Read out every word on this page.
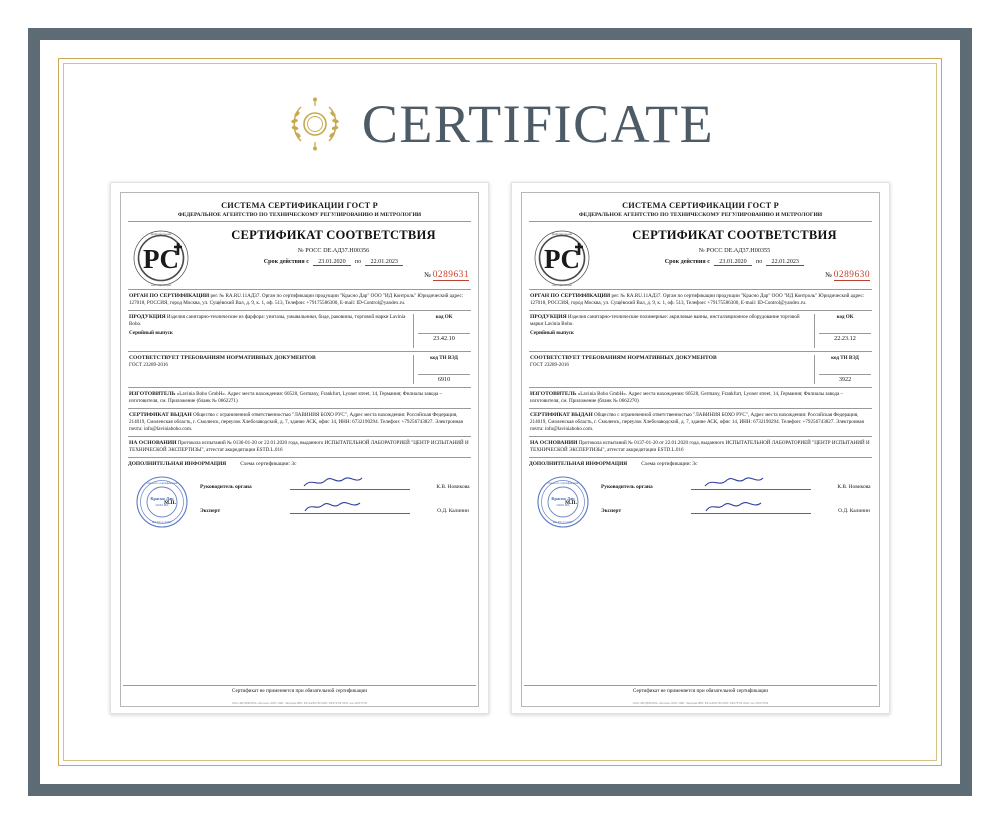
CERTIFICATE
СИСТЕМА СЕРТИФИКАЦИИ ГОСТ Р
ФЕДЕРАЛЬНОЕ АГЕНТСТВО ПО ТЕХНИЧЕСКОМУ РЕГУЛИРОВАНИЮ И МЕТРОЛОГИИ
PC
Добровольная
сертификация
СЕРТИФИКАТ СООТВЕТСТВИЯ
№ РОСС DE.АД37.Н00356
Срок действия с	23.01.2020	по	22.01.2023
№ 0289631
ОРГАН ПО СЕРТИФИКАЦИИ рег. № RA.RU.11АД37. Орган по сертификации продукции "Красно Дар" ООО "ИД Контроль" Юридический адрес: 127018, РОССИЯ, город Москва, ул. Сущёвский Вал, д. 9, к. 1, оф. 513, Телефон: +79175586300, E-mail: ID-Control@yandex.ru.
ПРОДУКЦИЯ Изделия санитарно-технические из фарфора: унитазы, умывальники, биде, раковины, торговой марки Lavinia Boho.
Серийный выпуск
код ОК
23.42.10
СООТВЕТСТВУЕТ ТРЕБОВАНИЯМ НОРМАТИВНЫХ ДОКУМЕНТОВ
ГОСТ 23289-2016
код ТН ВЭД
6910
ИЗГОТОВИТЕЛЬ «Lavinia Boho GmbH». Адрес места нахождения: 60528, Germany, Frankfurt, Lyoner street, 14, Германия; Филиалы завода – изготовителя, см. Приложение (бланк № 0662271)
СЕРТИФИКАТ ВЫДАН Общество с ограниченной ответственностью "ЛАВИНИЯ БОХО РУС", Адрес места нахождения: Российская Федерация, 214019, Смоленская область, г. Смоленск, переулок Хлебозаводский, д. 7, здание АСК, офис 14, ИНН: 6732190294. Телефон: +79256743827. Электронная почта: info@laviniaboho.com.
НА ОСНОВАНИИ Протокола испытаний № 0136-01-20 от 22.01.2020 года, выданного ИСПЫТАТЕЛЬНОЙ ЛАБОРАТОРИЕЙ "ЦЕНТР ИСПЫТАНИЙ И ТЕХНИЧЕСКОЙ ЭКСПЕРТИЗЫ", аттестат аккредитации ESTD.L.016
ДОПОЛНИТЕЛЬНАЯ ИНФОРМАЦИЯ	Схема сертификации: 3с
Красно Дар
ООО ИД
Орган по сертификации
RA.RU.11АД37
Руководитель органа	К.В. Новикова
Эксперт	О.Д. Калинин
М.П.
Сертификат не применяется при обязательной сертификации
ООО «МЕДЕФОРМ» «Москва» ОКП: ОКП: Лицензия ФНС РФ №0002799 ОКП: 000279799 ОКП: зак. 000279799
СИСТЕМА СЕРТИФИКАЦИИ ГОСТ Р
ФЕДЕРАЛЬНОЕ АГЕНТСТВО ПО ТЕХНИЧЕСКОМУ РЕГУЛИРОВАНИЮ И МЕТРОЛОГИИ
PC
Добровольная
сертификация
СЕРТИФИКАТ СООТВЕТСТВИЯ
№ РОСС DE.АД37.Н00355
Срок действия с	23.01.2020	по	22.01.2023
№ 0289630
ОРГАН ПО СЕРТИФИКАЦИИ рег. № RA.RU.11АД37. Орган по сертификации продукции "Красно Дар" ООО "ИД Контроль" Юридический адрес: 127018, РОССИЯ, город Москва, ул. Сущёвский Вал, д. 9, к. 1, оф. 513, Телефон: +79175586300, E-mail: ID-Control@yandex.ru.
ПРОДУКЦИЯ Изделия санитарно-технические полимерные: акриловые ванны, инсталляционное оборудование торговой марки Lavinia Boho.
Серийный выпуск
код ОК
22.23.12
СООТВЕТСТВУЕТ ТРЕБОВАНИЯМ НОРМАТИВНЫХ ДОКУМЕНТОВ
ГОСТ 23289-2016
код ТН ВЭД
3922
ИЗГОТОВИТЕЛЬ «Lavinia Boho GmbH». Адрес места нахождения: 60528, Germany, Frankfurt, Lyoner street, 14, Германия; Филиалы завода – изготовителя, см. Приложение (бланк № 0662270)
СЕРТИФИКАТ ВЫДАН Общество с ограниченной ответственностью "ЛАВИНИЯ БОХО РУС", Адрес места нахождения: Российская Федерация, 214019, Смоленская область, г. Смоленск, переулок Хлебозаводский, д. 7, здание АСК, офис 14, ИНН: 6732190294. Телефон: +79256743827. Электронная почта: info@laviniaboho.com.
НА ОСНОВАНИИ Протокола испытаний № 0137-01-20 от 22.01.2020 года, выданного ИСПЫТАТЕЛЬНОЙ ЛАБОРАТОРИЕЙ "ЦЕНТР ИСПЫТАНИЙ И ТЕХНИЧЕСКОЙ ЭКСПЕРТИЗЫ", аттестат аккредитации ESTD.L.016
ДОПОЛНИТЕЛЬНАЯ ИНФОРМАЦИЯ	Схема сертификации: 3с
Красно Дар
ООО ИД
Орган по сертификации
RA.RU.11АД37
Руководитель органа	К.В. Новикова
Эксперт	О.Д. Калинин
М.П.
Сертификат не применяется при обязательной сертификации
ООО «МЕДЕФОРМ» «Москва» ОКП: ОКП: Лицензия ФНС РФ №0002799 ОКП: 000279799 ОКП: зак. 000279799
